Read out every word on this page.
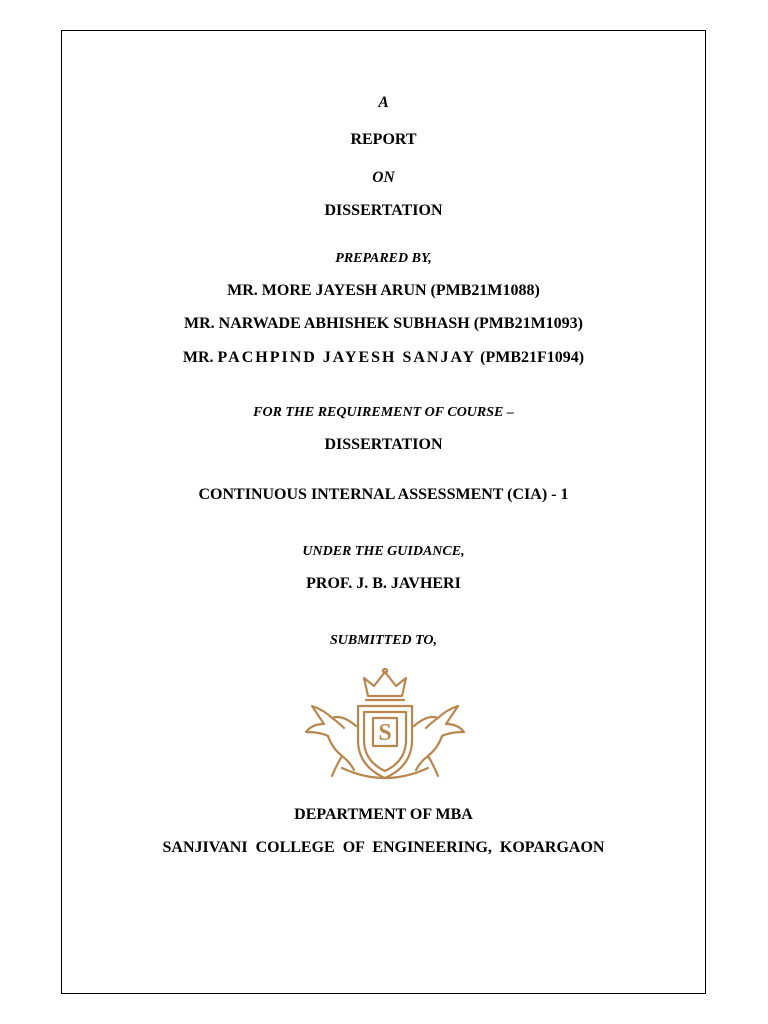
A
REPORT
ON
DISSERTATION
PREPARED BY,
MR. MORE JAYESH ARUN (PMB21M1088)
MR. NARWADE ABHISHEK SUBHASH (PMB21M1093)
MR. PACHPIND JAYESH SANJAY (PMB21F1094)
FOR THE REQUIREMENT OF COURSE –
DISSERTATION
CONTINUOUS INTERNAL ASSESSMENT (CIA) - 1
UNDER THE GUIDANCE,
PROF. J. B. JAVHERI
SUBMITTED TO,
S
DEPARTMENT OF MBA
SANJIVANI COLLEGE OF ENGINEERING, KOPARGAON
